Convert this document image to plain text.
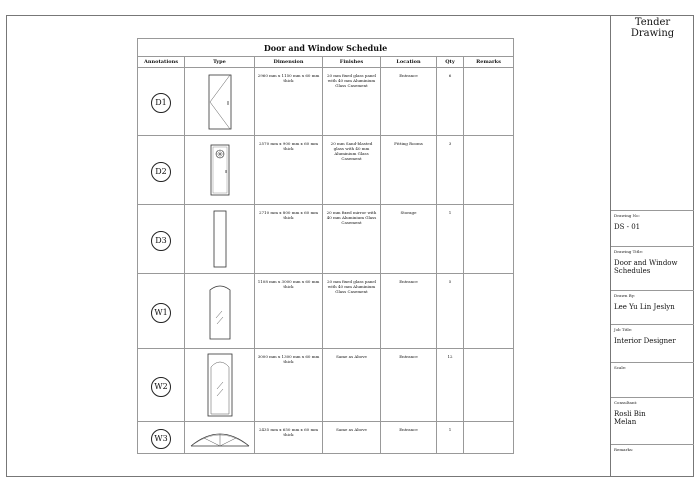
Door and Window Schedule						
Annotations	Type	Dimension	Finishes	Location	Qty	Remarks
D1		2960 mm x 1150 mm x 60 mm thick	20 mm fixed glass panel with 40 mm Aluminium Glass Casement	Entrance	6	

D2		2570 mm x 900 mm x 60 mm thick	20 mm Sand-blasted glass with 40 mm Aluminium Glass Casement	Fitting Rooms	3	

D3		2710 mm x 800 mm x 60 mm thick	20 mm fixed mirror with 40 mm Aluminium Glass Casement	Storage	1	

W1		1108 mm x 3000 mm x 60 mm thick	20 mm fixed glass panel with 40 mm Aluminium Glass Casement	Entrance	5	

W2		3000 mm x 1300 mm x 60 mm thick	Same as Above	Entrance	12	

W3		2435 mm x 650 mm x 60 mm thick	Same as Above	Entrance	1	

Tender Drawing
Drawing No:
DS - 01
Drawing Title:
Door and Window Schedules
Drawn By:
Lee Yu Lin Jeslyn
Job Title:
Interior Designer
Scale:
Consultant:
Rosli Bin Melan
Remarks:
